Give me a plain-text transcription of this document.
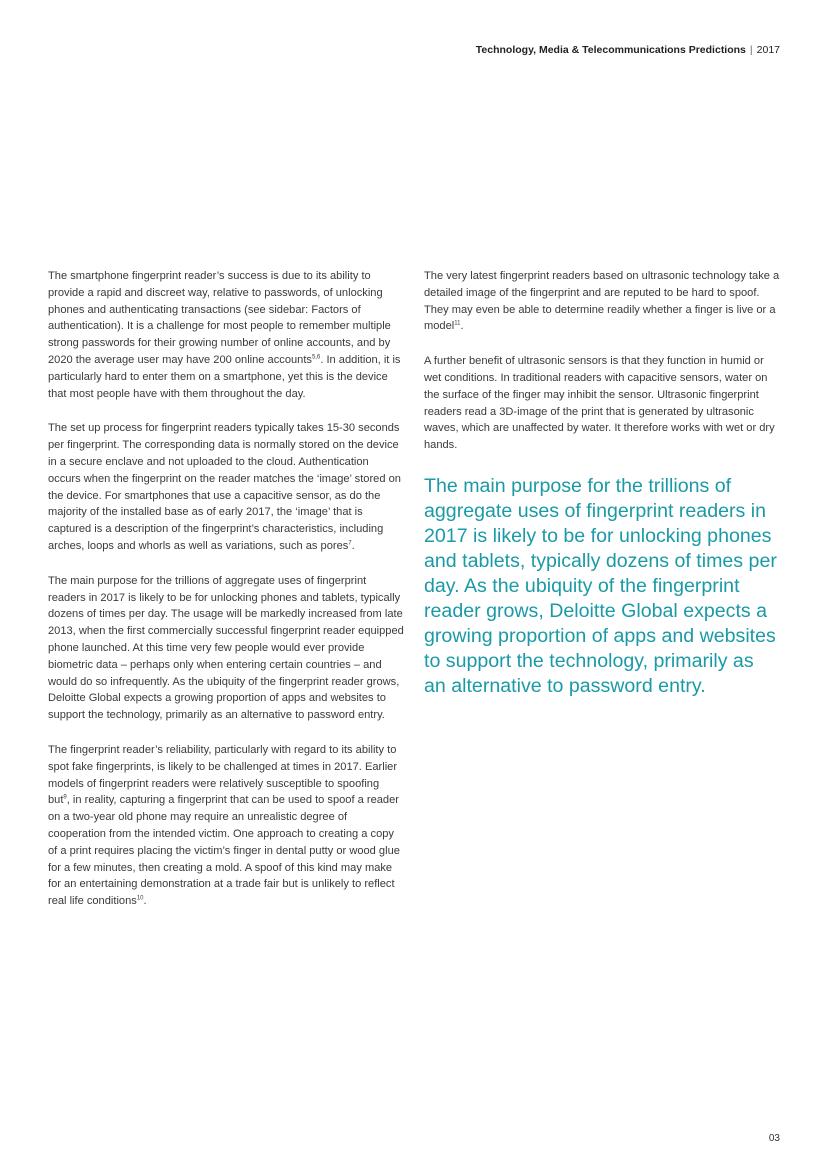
Technology, Media & Telecommunications Predictions | 2017

The smartphone fingerprint reader’s success is due to its ability to provide a rapid and discreet way, relative to passwords, of unlocking phones and authenticating transactions (see sidebar: Factors of authentication). It is a challenge for most people to remember multiple strong passwords for their growing number of online accounts, and by 2020 the average user may have 200 online accounts$^{5,6}$. In addition, it is particularly hard to enter them on a smartphone, yet this is the device that most people have with them throughout the day.

The set up process for fingerprint readers typically takes 15-30 seconds per fingerprint. The corresponding data is normally stored on the device in a secure enclave and not uploaded to the cloud. Authentication occurs when the fingerprint on the reader matches the ‘image’ stored on the device. For smartphones that use a capacitive sensor, as do the majority of the installed base as of early 2017, the ‘image’ that is captured is a description of the fingerprint’s characteristics, including arches, loops and whorls as well as variations, such as pores$^7$.

The main purpose for the trillions of aggregate uses of fingerprint readers in 2017 is likely to be for unlocking phones and tablets, typically dozens of times per day. The usage will be markedly increased from late 2013, when the first commercially successful fingerprint reader equipped phone launched. At this time very few people would ever provide biometric data – perhaps only when entering certain countries – and would do so infrequently. As the ubiquity of the fingerprint reader grows, Deloitte Global expects a growing proportion of apps and websites to support the technology, primarily as an alternative to password entry.

The fingerprint reader’s reliability, particularly with regard to its ability to spot fake fingerprints, is likely to be challenged at times in 2017. Earlier models of fingerprint readers were relatively susceptible to spoofing but$^9$, in reality, capturing a fingerprint that can be used to spoof a reader on a two-year old phone may require an unrealistic degree of cooperation from the intended victim. One approach to creating a copy of a print requires placing the victim’s finger in dental putty or wood glue for a few minutes, then creating a mold. A spoof of this kind may make for an entertaining demonstration at a trade fair but is unlikely to reflect real life conditions$^{10}$.

The very latest fingerprint readers based on ultrasonic technology take a detailed image of the fingerprint and are reputed to be hard to spoof. They may even be able to determine readily whether a finger is live or a model$^{11}$.

A further benefit of ultrasonic sensors is that they function in humid or wet conditions. In traditional readers with capacitive sensors, water on the surface of the finger may inhibit the sensor. Ultrasonic fingerprint readers read a 3D-image of the print that is generated by ultrasonic waves, which are unaffected by water. It therefore works with wet or dry hands.

The main purpose for the trillions of aggregate uses of fingerprint readers in 2017 is likely to be for unlocking phones and tablets, typically dozens of times per day. As the ubiquity of the fingerprint reader grows, Deloitte Global expects a growing proportion of apps and websites to support the technology, primarily as an alternative to password entry.
03
